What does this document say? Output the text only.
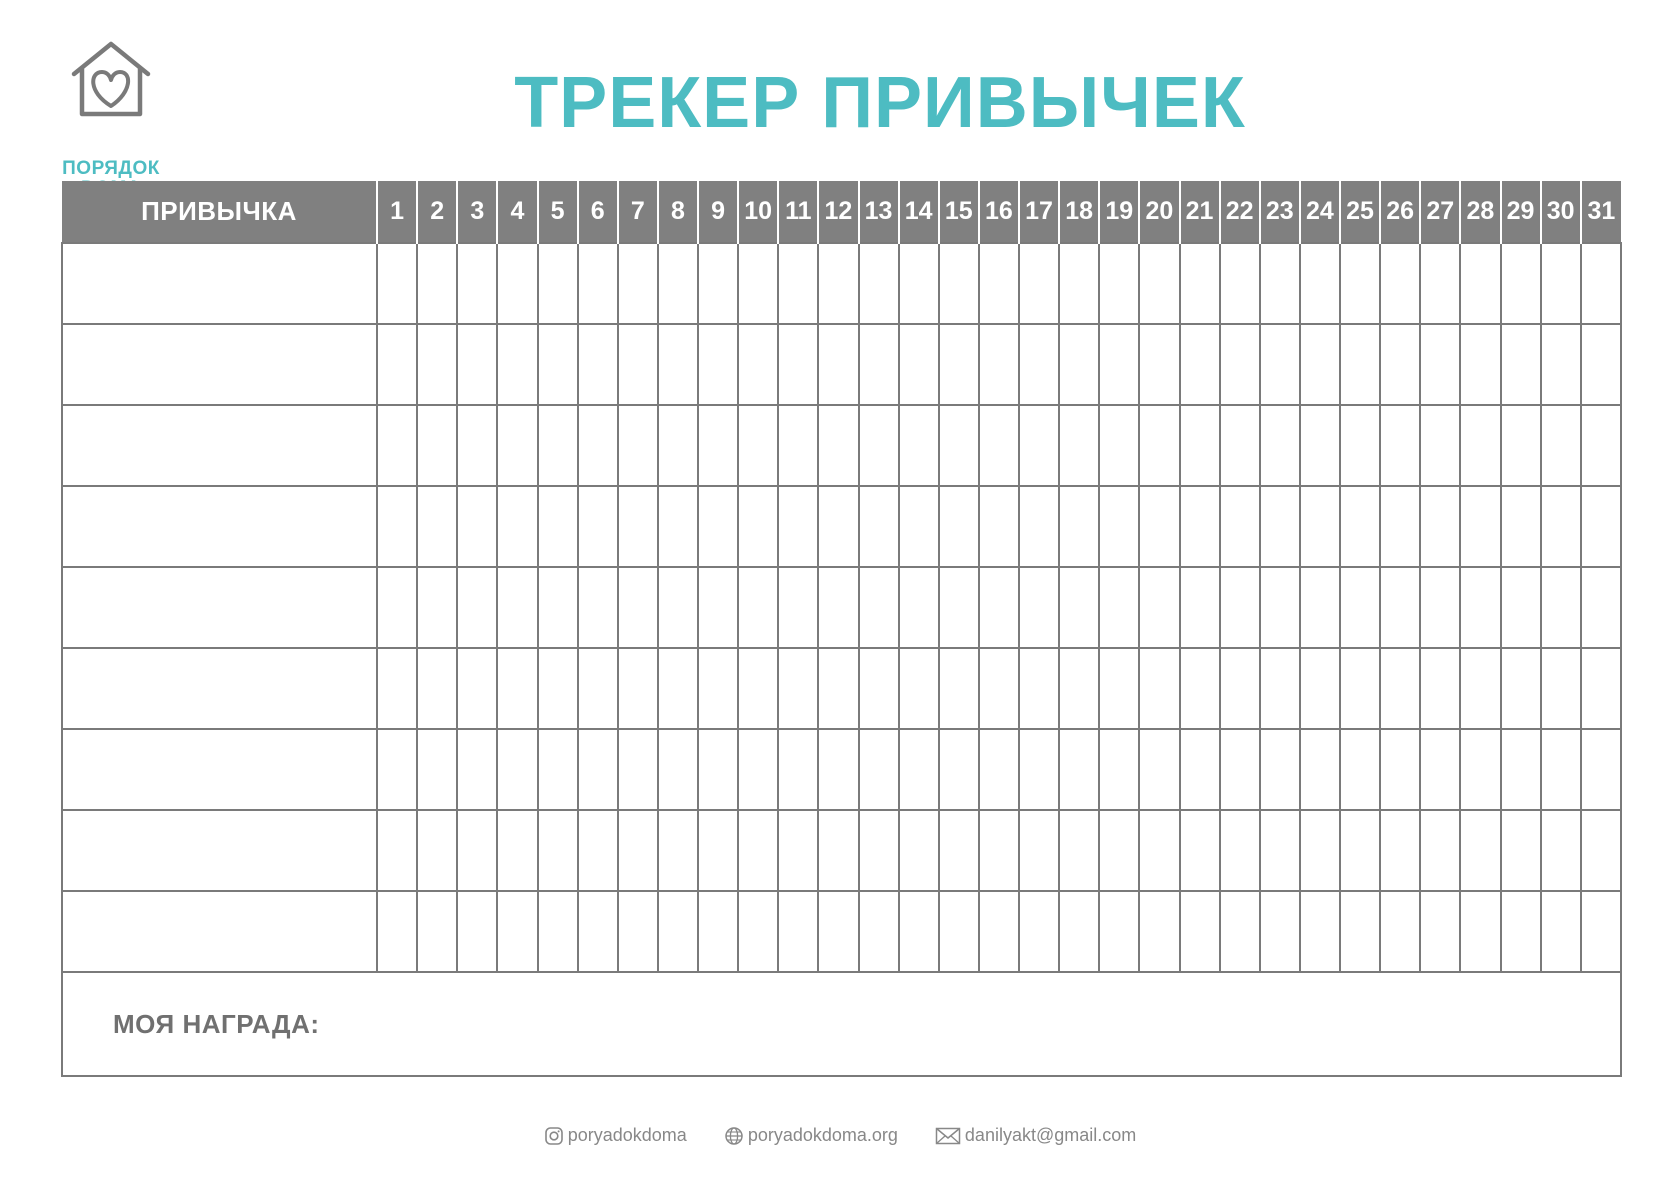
ПОРЯДОК
ТРЕКЕР ПРИВЫЧЕК
ПРИВЫЧКА	1	2	3	4	5	6	7	8	9	10	11	12	13	14	15	16	17	18	19	20	21	22	23	24	25	26	27	28	29	30	31

МОЯ НАГРАДА:																															
poryadokdoma
	poryadokdoma.org
	danilyakt@gmail.com
